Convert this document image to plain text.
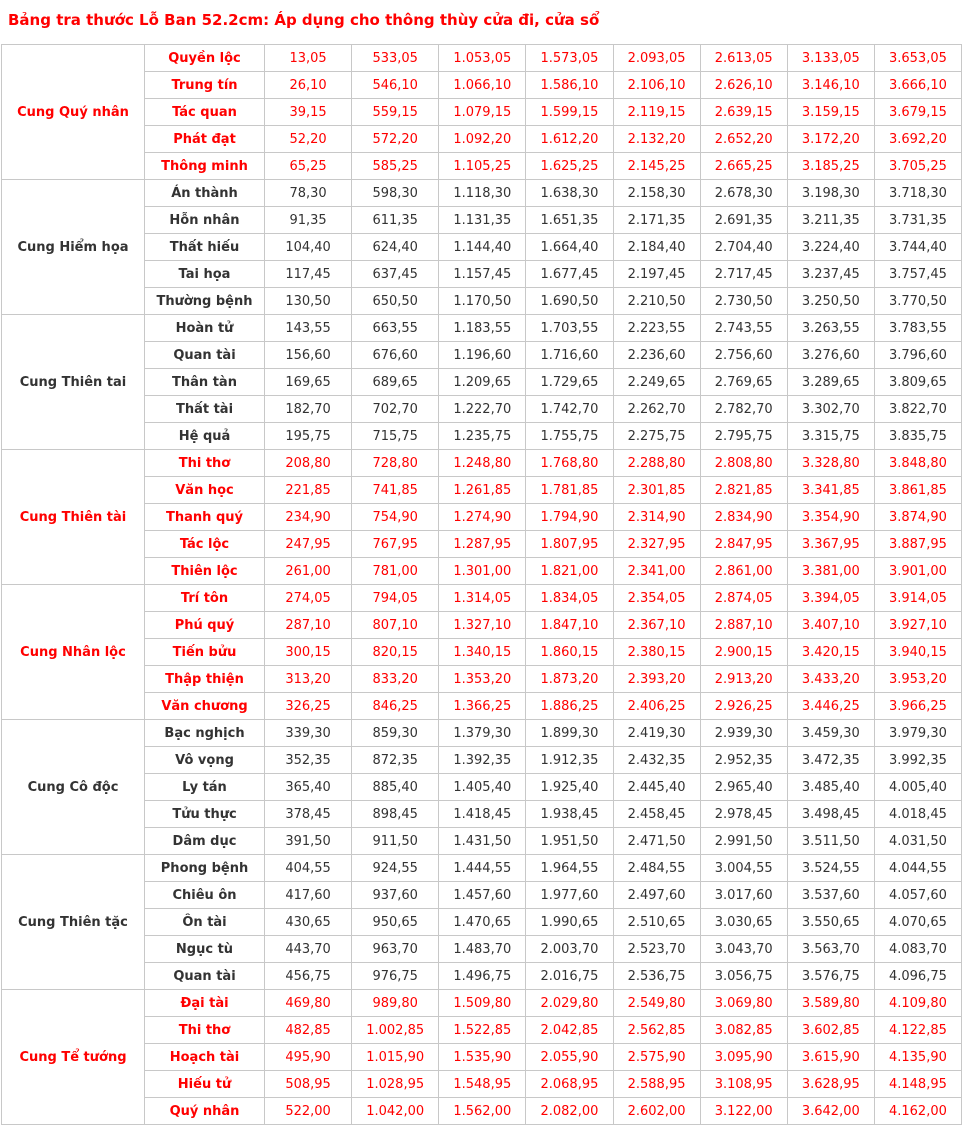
Bảng tra thước Lỗ Ban 52.2cm: Áp dụng cho thông thùy cửa đi, cửa sổ
Cung Quý nhân	Quyền lộc	13,05	533,05	1.053,05	1.573,05	2.093,05	2.613,05	3.133,05	3.653,05
	Trung tín	26,10	546,10	1.066,10	1.586,10	2.106,10	2.626,10	3.146,10	3.666,10
	Tác quan	39,15	559,15	1.079,15	1.599,15	2.119,15	2.639,15	3.159,15	3.679,15
	Phát đạt	52,20	572,20	1.092,20	1.612,20	2.132,20	2.652,20	3.172,20	3.692,20
	Thông minh	65,25	585,25	1.105,25	1.625,25	2.145,25	2.665,25	3.185,25	3.705,25
Cung Hiểm họa	Án thành	78,30	598,30	1.118,30	1.638,30	2.158,30	2.678,30	3.198,30	3.718,30
	Hỗn nhân	91,35	611,35	1.131,35	1.651,35	2.171,35	2.691,35	3.211,35	3.731,35
	Thất hiếu	104,40	624,40	1.144,40	1.664,40	2.184,40	2.704,40	3.224,40	3.744,40
	Tai họa	117,45	637,45	1.157,45	1.677,45	2.197,45	2.717,45	3.237,45	3.757,45
	Thường bệnh	130,50	650,50	1.170,50	1.690,50	2.210,50	2.730,50	3.250,50	3.770,50
Cung Thiên tai	Hoàn tử	143,55	663,55	1.183,55	1.703,55	2.223,55	2.743,55	3.263,55	3.783,55
	Quan tài	156,60	676,60	1.196,60	1.716,60	2.236,60	2.756,60	3.276,60	3.796,60
	Thân tàn	169,65	689,65	1.209,65	1.729,65	2.249,65	2.769,65	3.289,65	3.809,65
	Thất tài	182,70	702,70	1.222,70	1.742,70	2.262,70	2.782,70	3.302,70	3.822,70
	Hệ quả	195,75	715,75	1.235,75	1.755,75	2.275,75	2.795,75	3.315,75	3.835,75
Cung Thiên tài	Thi thơ	208,80	728,80	1.248,80	1.768,80	2.288,80	2.808,80	3.328,80	3.848,80
	Văn học	221,85	741,85	1.261,85	1.781,85	2.301,85	2.821,85	3.341,85	3.861,85
	Thanh quý	234,90	754,90	1.274,90	1.794,90	2.314,90	2.834,90	3.354,90	3.874,90
	Tác lộc	247,95	767,95	1.287,95	1.807,95	2.327,95	2.847,95	3.367,95	3.887,95
	Thiên lộc	261,00	781,00	1.301,00	1.821,00	2.341,00	2.861,00	3.381,00	3.901,00
Cung Nhân lộc	Trí tôn	274,05	794,05	1.314,05	1.834,05	2.354,05	2.874,05	3.394,05	3.914,05
	Phú quý	287,10	807,10	1.327,10	1.847,10	2.367,10	2.887,10	3.407,10	3.927,10
	Tiến bửu	300,15	820,15	1.340,15	1.860,15	2.380,15	2.900,15	3.420,15	3.940,15
	Thập thiện	313,20	833,20	1.353,20	1.873,20	2.393,20	2.913,20	3.433,20	3.953,20
	Văn chương	326,25	846,25	1.366,25	1.886,25	2.406,25	2.926,25	3.446,25	3.966,25
Cung Cô độc	Bạc nghịch	339,30	859,30	1.379,30	1.899,30	2.419,30	2.939,30	3.459,30	3.979,30
	Vô vọng	352,35	872,35	1.392,35	1.912,35	2.432,35	2.952,35	3.472,35	3.992,35
	Ly tán	365,40	885,40	1.405,40	1.925,40	2.445,40	2.965,40	3.485,40	4.005,40
	Tửu thực	378,45	898,45	1.418,45	1.938,45	2.458,45	2.978,45	3.498,45	4.018,45
	Dâm dục	391,50	911,50	1.431,50	1.951,50	2.471,50	2.991,50	3.511,50	4.031,50
Cung Thiên tặc	Phong bệnh	404,55	924,55	1.444,55	1.964,55	2.484,55	3.004,55	3.524,55	4.044,55
	Chiêu ôn	417,60	937,60	1.457,60	1.977,60	2.497,60	3.017,60	3.537,60	4.057,60
	Ôn tài	430,65	950,65	1.470,65	1.990,65	2.510,65	3.030,65	3.550,65	4.070,65
	Ngục tù	443,70	963,70	1.483,70	2.003,70	2.523,70	3.043,70	3.563,70	4.083,70
	Quan tài	456,75	976,75	1.496,75	2.016,75	2.536,75	3.056,75	3.576,75	4.096,75
Cung Tể tướng	Đại tài	469,80	989,80	1.509,80	2.029,80	2.549,80	3.069,80	3.589,80	4.109,80
	Thi thơ	482,85	1.002,85	1.522,85	2.042,85	2.562,85	3.082,85	3.602,85	4.122,85
	Hoạch tài	495,90	1.015,90	1.535,90	2.055,90	2.575,90	3.095,90	3.615,90	4.135,90
	Hiếu tử	508,95	1.028,95	1.548,95	2.068,95	2.588,95	3.108,95	3.628,95	4.148,95
	Quý nhân	522,00	1.042,00	1.562,00	2.082,00	2.602,00	3.122,00	3.642,00	4.162,00
